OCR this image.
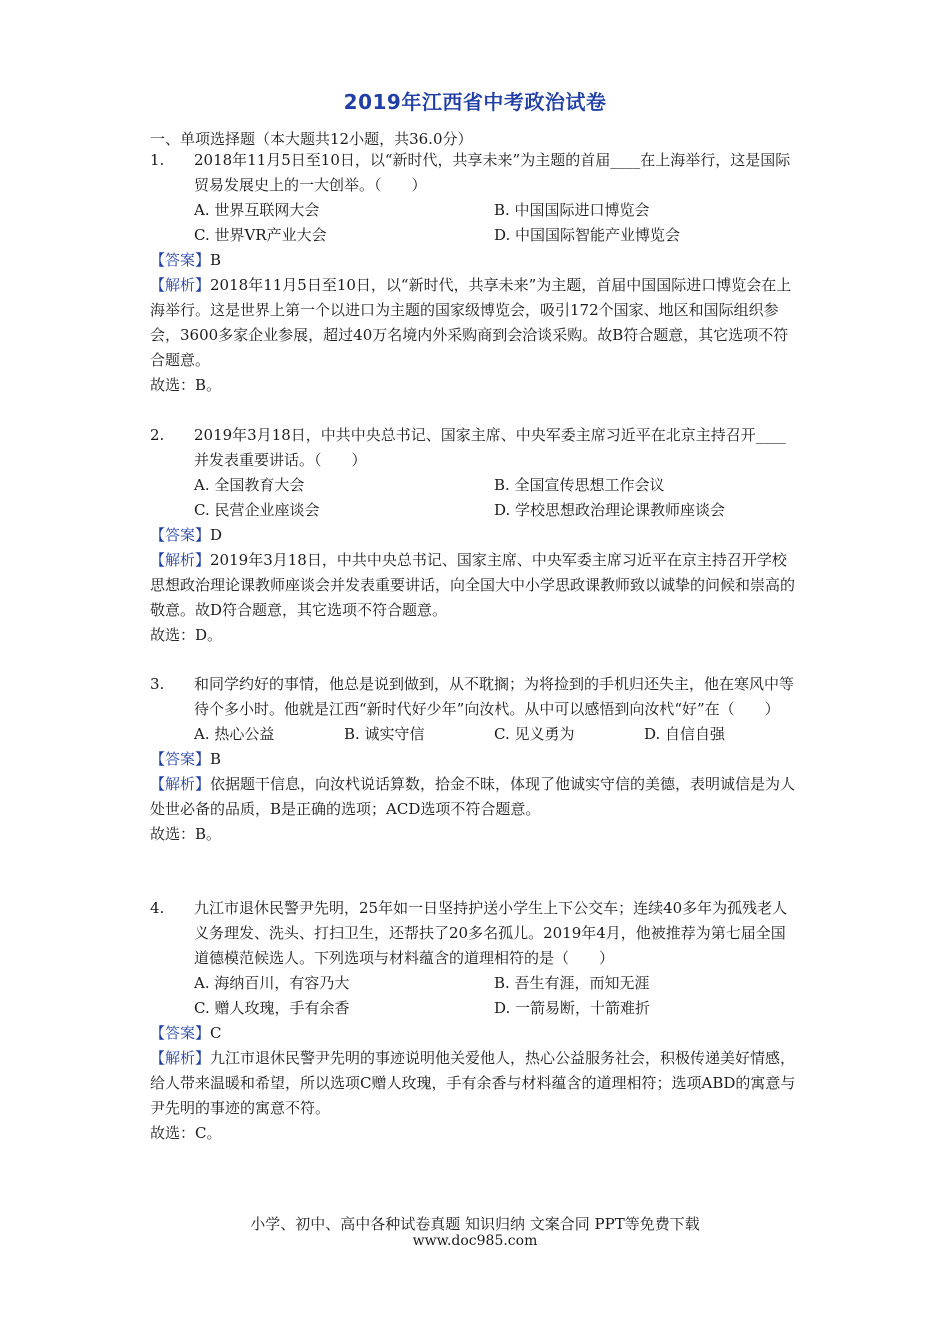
2019年江西省中考政治试卷
一、单项选择题（本大题共12小题，共36.0分）
1.	2018年11月5日至10日，以“新时代，共享未来”为主题的首届____在上海举行，这是国际贸易发展史上的一大创举。（　　）
A. 世界互联网大会	B. 中国国际进口博览会
C. 世界VR产业大会	D. 中国国际智能产业博览会
【答案】B
【解析】2018年11月5日至10日，以“新时代，共享未来”为主题，首届中国国际进口博览会在上海举行。这是世界上第一个以进口为主题的国家级博览会，吸引172个国家、地区和国际组织参会，3600多家企业参展，超过40万名境内外采购商到会洽谈采购。故B符合题意，其它选项不符合题意。
故选：B。
2.	2019年3月18日，中共中央总书记、国家主席、中央军委主席习近平在北京主持召开____并发表重要讲话。（　　）
A. 全国教育大会	B. 全国宣传思想工作会议
C. 民营企业座谈会	D. 学校思想政治理论课教师座谈会
【答案】D
【解析】2019年3月18日，中共中央总书记、国家主席、中央军委主席习近平在京主持召开学校思想政治理论课教师座谈会并发表重要讲话，向全国大中小学思政课教师致以诚挚的问候和崇高的敬意。故D符合题意，其它选项不符合题意。
故选：D。
3.	和同学约好的事情，他总是说到做到，从不耽搁；为将捡到的手机归还失主，他在寒风中等待个多小时。他就是江西“新时代好少年”向汝杙。从中可以感悟到向汝杙“好”在（　　）
A. 热心公益	B. 诚实守信	C. 见义勇为	D. 自信自强
【答案】B
【解析】依据题干信息，向汝杙说话算数，拾金不昧，体现了他诚实守信的美德，表明诚信是为人处世必备的品质，B是正确的选项；ACD选项不符合题意。
故选：B。
4.	九江市退休民警尹先明，25年如一日坚持护送小学生上下公交车；连续40多年为孤残老人义务理发、洗头、打扫卫生，还帮扶了20多名孤儿。2019年4月，他被推荐为第七届全国道德模范候选人。下列选项与材料蕴含的道理相符的是（　　）
A. 海纳百川，有容乃大	B. 吾生有涯，而知无涯
C. 赠人玫瑰，手有余香	D. 一箭易断，十箭难折
【答案】C
【解析】九江市退休民警尹先明的事迹说明他关爱他人，热心公益服务社会，积极传递美好情感，给人带来温暖和希望，所以选项C赠人玫瑰，手有余香与材料蕴含的道理相符；选项ABD的寓意与尹先明的事迹的寓意不符。
故选：C。
小学、初中、高中各种试卷真题 知识归纳 文案合同 PPT等免费下载
www.doc985.com
